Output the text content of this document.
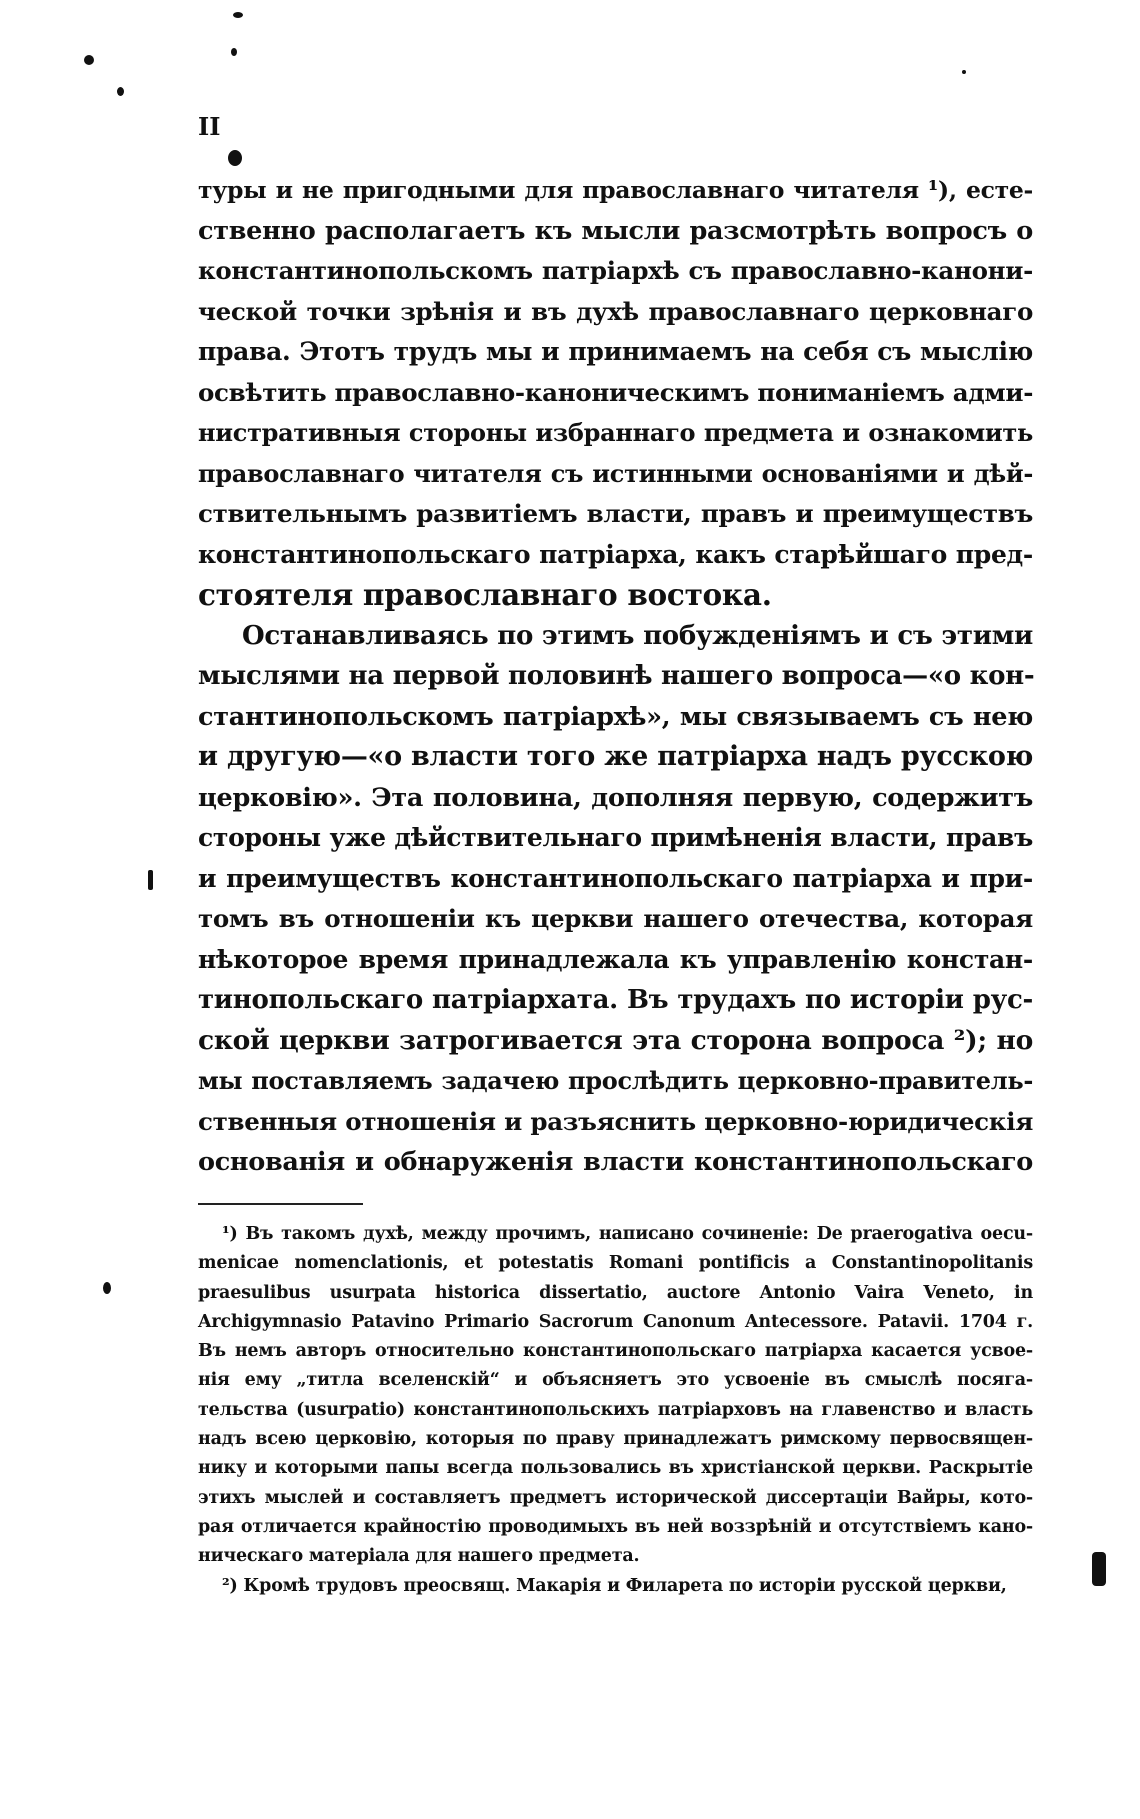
II
туры и не пригодными для православнаго читателя ¹), есте-
ственно располагаетъ къ мысли разсмотрѣть вопросъ о
константинопольскомъ патріархѣ съ православно-канони-
ческой точки зрѣнія и въ духѣ православнаго церковнаго
права. Этотъ трудъ мы и принимаемъ на себя съ мыслію
освѣтить православно-каноническимъ пониманіемъ адми-
нистративныя стороны избраннаго предмета и ознакомить
православнаго читателя съ истинными основаніями и дѣй-
ствительнымъ развитіемъ власти, правъ и преимуществъ
константинопольскаго патріарха, какъ старѣйшаго пред-
стоятеля православнаго востока.
Останавливаясь по этимъ побужденіямъ и съ этими
мыслями на первой половинѣ нашего вопроса—«о кон-
стантинопольскомъ патріархѣ», мы связываемъ съ нею
и другую—«о власти того же патріарха надъ русскою
церковію». Эта половина, дополняя первую, содержитъ
стороны уже дѣйствительнаго примѣненія власти, правъ
и преимуществъ константинопольскаго патріарха и при-
томъ въ отношеніи къ церкви нашего отечества, которая
нѣкоторое время принадлежала къ управленію констан-
тинопольскаго патріархата. Въ трудахъ по исторіи рус-
ской церкви затрогивается эта сторона вопроса ²); но
мы поставляемъ задачею прослѣдить церковно-правитель-
ственныя отношенія и разъяснить церковно-юридическія
основанія и обнаруженія власти константинопольскаго
¹) Въ такомъ духѣ, между прочимъ, написано сочиненіе: De praerogativa oecu-
menicae nomenclationis, et potestatis Romani pontificis a Constantinopolitanis
praesulibus usurpata historica dissertatio, auctore Antonio Vaira Veneto, in
Archigymnasio Patavino Primario Sacrorum Canonum Antecessore. Patavii. 1704 г.
Въ немъ авторъ относительно константинопольскаго патріарха касается усвое-
нія ему „титла вселенскій“ и объясняетъ это усвоеніе въ смыслѣ посяга-
тельства (usurpatio) константинопольскихъ патріарховъ на главенство и власть
надъ всею церковію, которыя по праву принадлежатъ римскому первосвящен-
нику и которыми папы всегда пользовались въ христіанской церкви. Раскрытіе
этихъ мыслей и составляетъ предметъ исторической диссертаціи Вайры, кото-
рая отличается крайностію проводимыхъ въ ней воззрѣній и отсутствіемъ кано-
ническаго матеріала для нашего предмета.
²) Кромѣ трудовъ преосвящ. Макарія и Филарета по исторіи русской церкви,
